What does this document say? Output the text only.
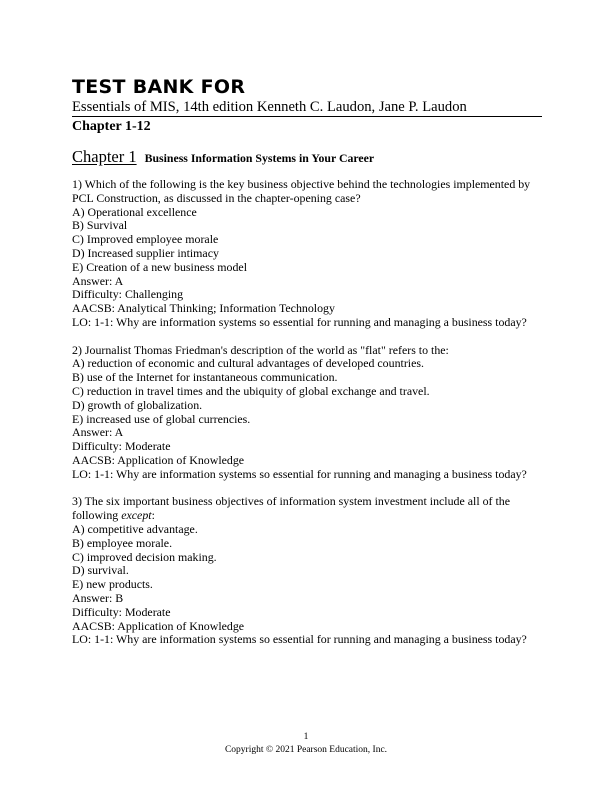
TEST BANK FOR
Essentials of MIS, 14th edition Kenneth C. Laudon, Jane P. Laudon
Chapter 1-12
Chapter 1 Business Information Systems in Your Career
1) Which of the following is the key business objective behind the technologies implemented by
PCL Construction, as discussed in the chapter-opening case?
A) Operational excellence
B) Survival
C) Improved employee morale
D) Increased supplier intimacy
E) Creation of a new business model
Answer: A
Difficulty: Challenging
AACSB: Analytical Thinking; Information Technology
LO: 1-1: Why are information systems so essential for running and managing a business today?
2) Journalist Thomas Friedman's description of the world as "flat" refers to the:
A) reduction of economic and cultural advantages of developed countries.
B) use of the Internet for instantaneous communication.
C) reduction in travel times and the ubiquity of global exchange and travel.
D) growth of globalization.
E) increased use of global currencies.
Answer: A
Difficulty: Moderate
AACSB: Application of Knowledge
LO: 1-1: Why are information systems so essential for running and managing a business today?
3) The six important business objectives of information system investment include all of the
following except:
A) competitive advantage.
B) employee morale.
C) improved decision making.
D) survival.
E) new products.
Answer: B
Difficulty: Moderate
AACSB: Application of Knowledge
LO: 1-1: Why are information systems so essential for running and managing a business today?
1
Copyright © 2021 Pearson Education, Inc.
